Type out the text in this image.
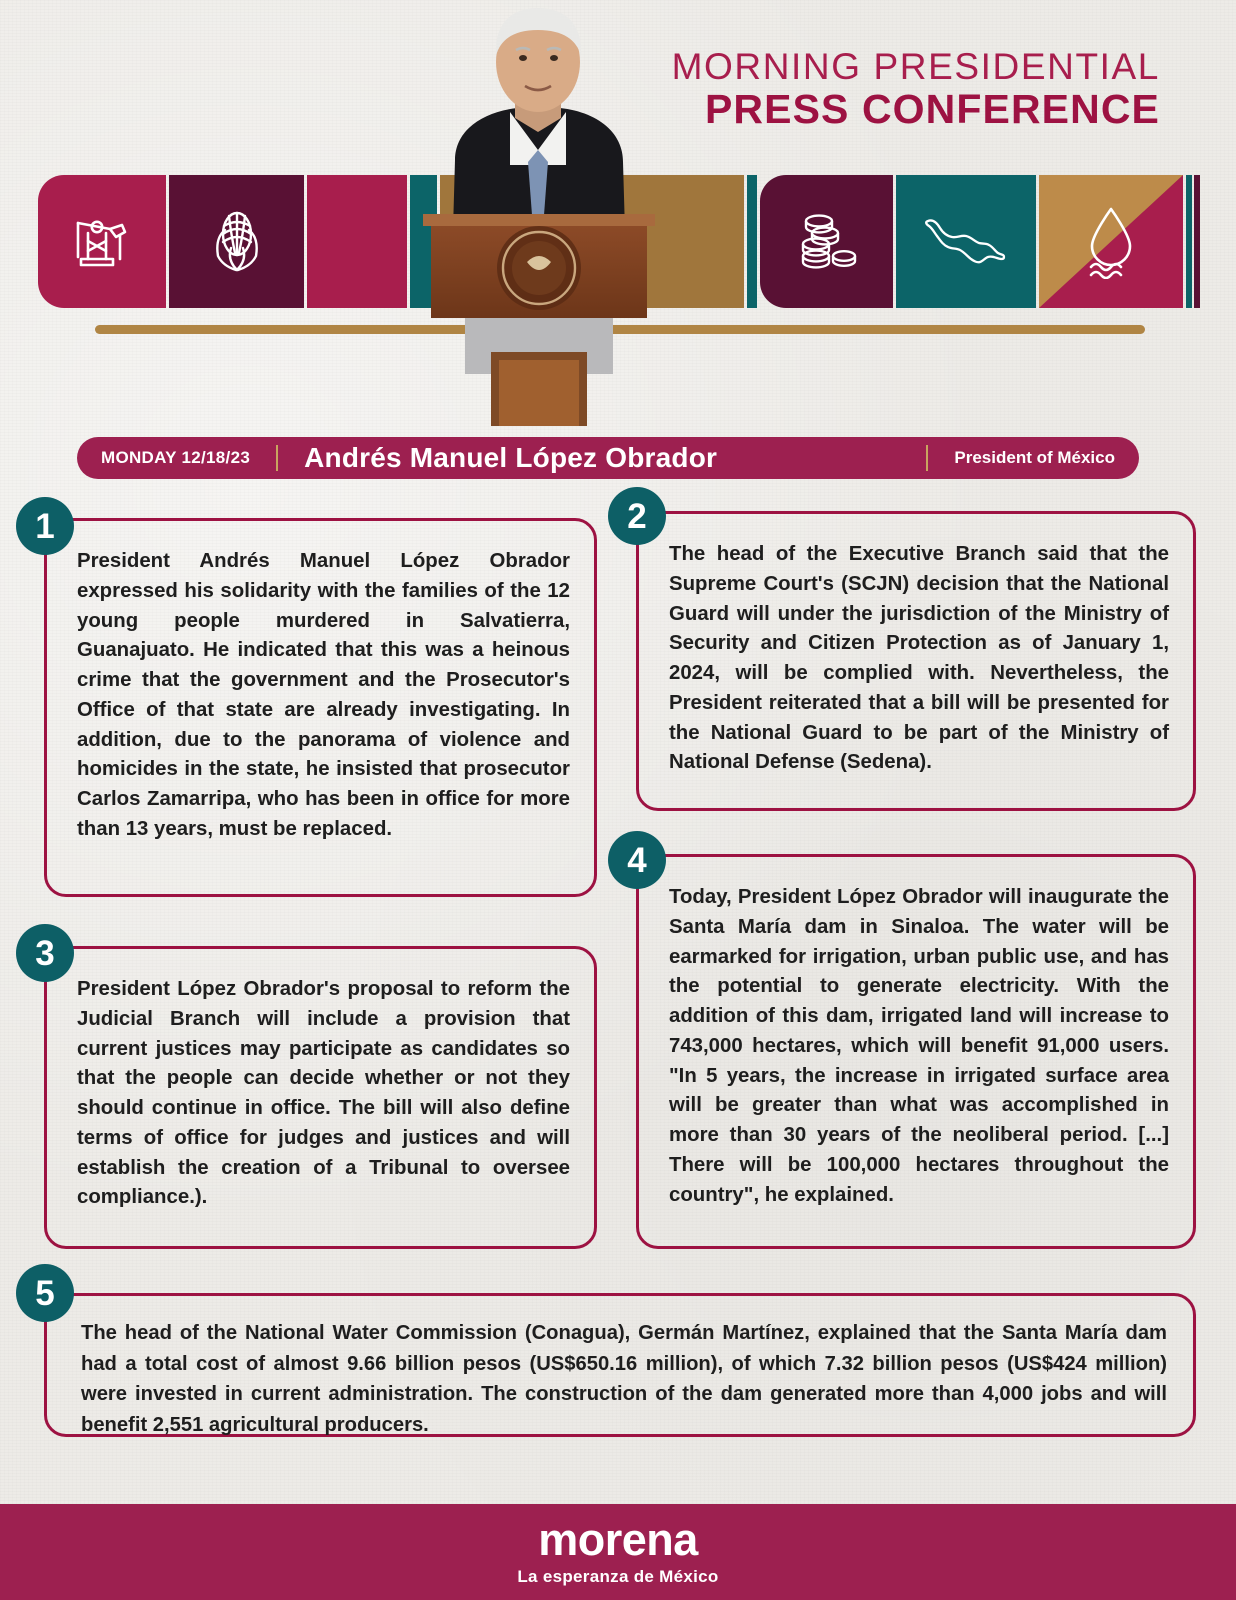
MORNING PRESIDENTIAL
PRESS CONFERENCE
MONDAY 12/18/23 Andrés Manuel López Obrador	President of México
1

President Andrés Manuel López Obrador expressed his solidarity with the families of the 12 young people murdered in Salvatierra, Guanajuato. He indicated that this was a heinous crime that the government and the Prosecutor's Office of that state are already investigating. In addition, due to the panorama of violence and homicides in the state, he insisted that prosecutor Carlos Zamarripa, who has been in office for more than 13 years, must be replaced.

2

The head of the Executive Branch said that the Supreme Court's (SCJN) decision that the National Guard will under the jurisdiction of the Ministry of Security and Citizen Protection as of January 1, 2024, will be complied with. Nevertheless, the President reiterated that a bill will be presented for the National Guard to be part of the Ministry of National Defense (Sedena).

3

President López Obrador's proposal to reform the Judicial Branch will include a provision that current justices may participate as candidates so that the people can decide whether or not they should continue in office. The bill will also define terms of office for judges and justices and will establish the creation of a Tribunal to oversee compliance.).

4

Today, President López Obrador will inaugurate the Santa María dam in Sinaloa. The water will be earmarked for irrigation, urban public use, and has the potential to generate electricity. With the addition of this dam, irrigated land will increase to 743,000 hectares, which will benefit 91,000 users. "In 5 years, the increase in irrigated surface area will be greater than what was accomplished in more than 30 years of the neoliberal period. [...] There will be 100,000 hectares throughout the country", he explained.

5

The head of the National Water Commission (Conagua), Germán Martínez, explained that the Santa María dam had a total cost of almost 9.66 billion pesos (US$650.16 million), of which 7.32 billion pesos (US$424 million) were invested in current administration. The construction of the dam generated more than 4,000 jobs and will benefit 2,551 agricultural producers.

morena
La esperanza de México
